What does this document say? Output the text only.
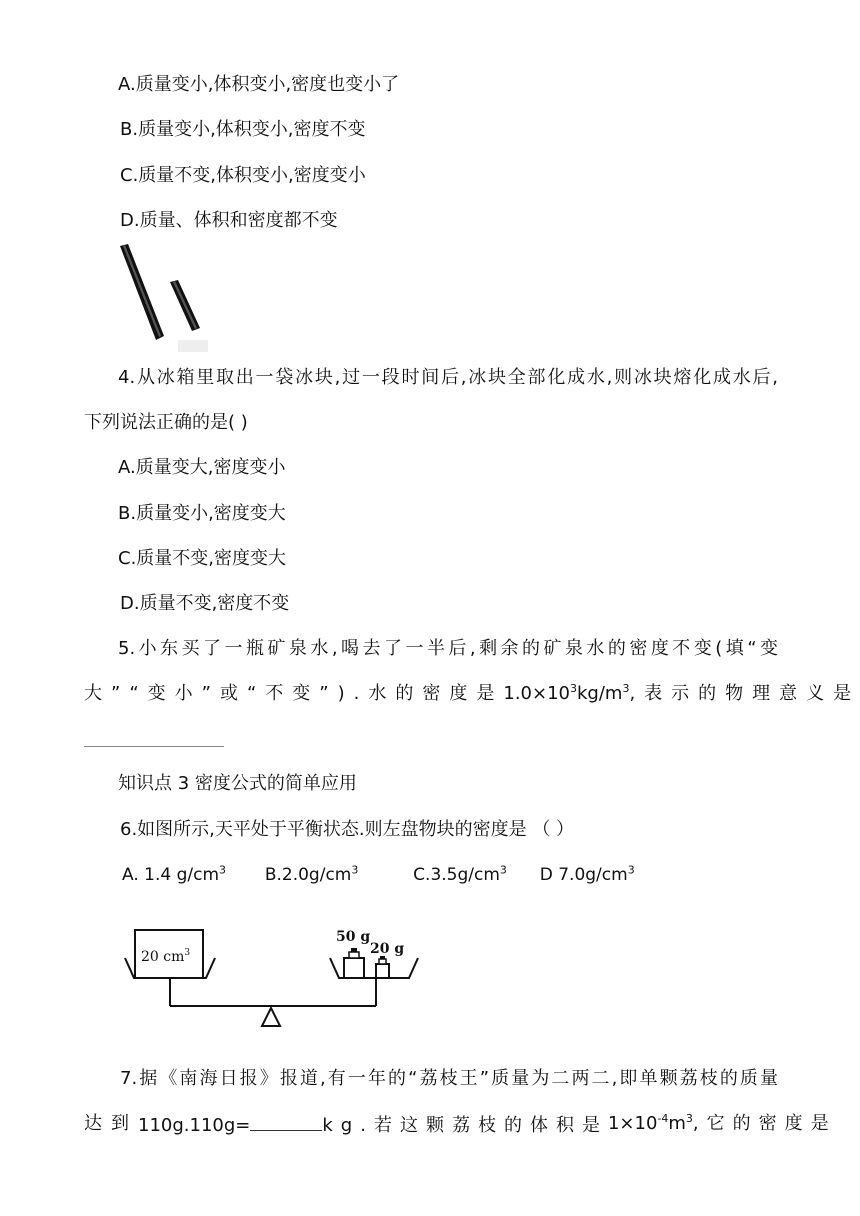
A.质量变小,体积变小,密度也变小了
B.质量变小,体积变小,密度不变
C.质量不变,体积变小,密度变小
D.质量、体积和密度都不变
4.从冰箱里取出一袋冰块,过一段时间后,冰块全部化成水,则冰块熔化成水后,
下列说法正确的是( )
A.质量变大,密度变小
B.质量变小,密度变大
C.质量不变,密度变大
D.质量不变,密度不变
5.小东买了一瓶矿泉水,喝去了一半后,剩余的矿泉水的密度不变(填“变
大”“变小”或“不变”).水的密度是 $1.0\times 10^3kg/m^3$,表示的物理意义是
知识点 3 密度公式的简单应用
6.如图所示,天平处于平衡状态.则左盘物块的密度是 （ ）
A. 1.4 $g/cm^3$ $B.2.0g/cm^3$	$C.3.5g/cm^3$ D $7.0g/cm^3$
20 $cm^3$
50 g
20 g
7.据《南海日报》报道,有一年的“荔枝王”质量为二两二,即单颗荔枝的质量
达到 110g.110g=	kg.若这颗荔枝的体积是 $1\times 10^{-4}m^3$,它的密度是
